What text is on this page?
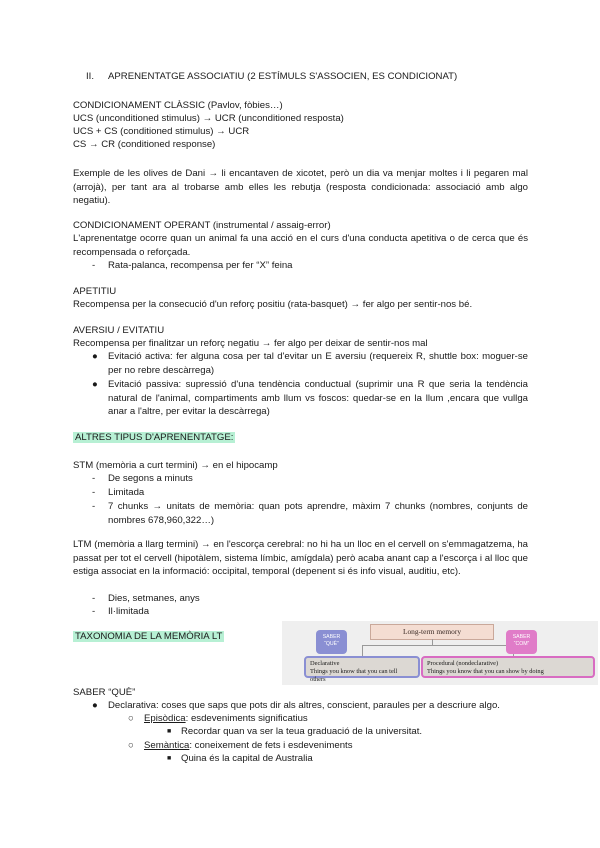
II. APRENENTATGE ASSOCIATIU (2 ESTÍMULS S'ASSOCIEN, ES CONDICIONAT)
CONDICIONAMENT CLÀSSIC (Pavlov, fòbies…)
UCS (unconditioned stimulus) → UCR (unconditioned resposta)
UCS + CS (conditioned stimulus) → UCR
CS → CR (conditioned response)
Exemple de les olives de Dani → li encantaven de xicotet, però un dia va menjar moltes i li pegaren mal (arrojà), per tant ara al trobarse amb elles les rebutja (resposta condicionada: associació amb algo negatiu).
CONDICIONAMENT OPERANT (instrumental / assaig-error)
L'aprenentatge ocorre quan un animal fa una acció en el curs d'una conducta apetitiva o de cerca que és recompensada o reforçada.
- Rata-palanca, recompensa per fer “X” feina
APETITIU
Recompensa per la consecució d'un reforç positiu (rata-basquet) → fer algo per sentir-nos bé.
AVERSIU / EVITATIU
Recompensa per finalitzar un reforç negatiu → fer algo per deixar de sentir-nos mal
● Evitació activa: fer alguna cosa per tal d'evitar un E aversiu (requereix R, shuttle box: moguer-se per no rebre descàrrega)
● Evitació passiva: supressió d'una tendència conductual (suprimir una R que seria la tendència natural de l'animal, compartiments amb llum vs foscos: quedar-se en la llum ,encara que vullga anar a l'altre, per evitar la descàrrega)
ALTRES TIPUS D'APRENENTATGE:
STM (memòria a curt termini) → en el hipocamp
- De segons a minuts
- Limitada
- 7 chunks → unitats de memòria: quan pots aprendre, màxim 7 chunks (nombres, conjunts de nombres 678,960,322…)
LTM (memòria a llarg termini) → en l'escorça cerebral: no hi ha un lloc en el cervell on s'emmagatzema, ha passat per tot el cervell (hipotàlem, sistema límbic, amígdala) però acaba anant cap a l'escorça i al lloc que estiga associat en la informació: occipital, temporal (depenent si és info visual, auditiu, etc).
- Dies, setmanes, anys
- Il·limitada
TAXONOMIA DE LA MEMÒRIA LT	Long-term memory
SABER
“QUÈ”
SABER
“COM”
Declarative
Things you know that you can tell others
Procedural (nondeclarative)
Things you know that you can show by doing
SABER “QUÈ”
● Declarativa: coses que saps que pots dir als altres, conscient, paraules per a descriure algo.
○ Episòdica: esdeveniments significatius
■ Recordar quan va ser la teua graduació de la universitat.
○ Semàntica: coneixement de fets i esdeveniments
■ Quina és la capital de Australia
